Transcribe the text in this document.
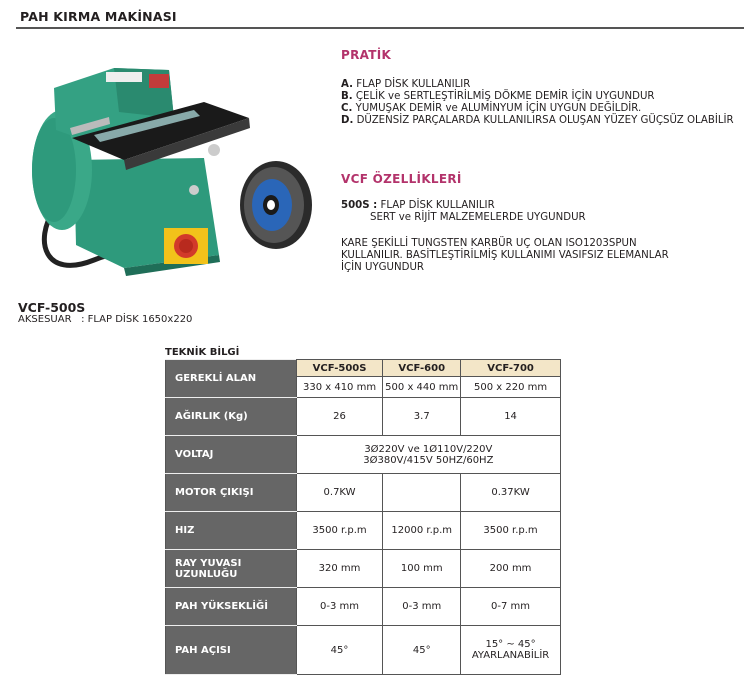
PAH KIRMA MAKİNASI
PRATİK
A. FLAP DİSK KULLANILIR
B. ÇELİK ve SERTLEŞTİRİLMİŞ DÖKME DEMİR İÇİN UYGUNDUR
C. YUMUŞAK DEMİR ve ALUMİNYUM İÇİN UYGUN DEĞİLDİR.
D. DÜZENSİZ PARÇALARDA KULLANILIRSA OLUŞAN YÜZEY GÜÇSÜZ OLABİLİR
VCF ÖZELLİKLERİ
500S : FLAP DİSK KULLANILIR
SERT ve RİJİT MALZEMELERDE UYGUNDUR
KARE ŞEKİLLİ TUNGSTEN KARBÜR UÇ OLAN ISO1203SPUN
KULLANILIR. BASİTLEŞTİRİLMİŞ KULLANIMI VASIFSIZ ELEMANLAR
İÇİN UYGUNDUR
VCF-500S
AKSESUAR : FLAP DİSK 1650x220
TEKNİK BİLGİ
GEREKLİ ALAN	VCF-500S	VCF-600	VCF-700
	330 x 410 mm	500 x 440 mm	500 x 220 mm
AĞIRLIK (Kg)	26	3.7	14
VOLTAJ	3Ø220V ve 1Ø110V/220V
3Ø380V/415V 50HZ/60HZ		

MOTOR ÇIKIŞI	0.7KW		0.37KW
HIZ	3500 r.p.m	12000 r.p.m	3500 r.p.m
RAY YUVASI UZUNLUĞU	320 mm	100 mm	200 mm
PAH YÜKSEKLİĞİ	0-3 mm	0-3 mm	0-7 mm
PAH AÇISI	45°	45°	15° ~ 45°
AYARLANABİLİR
